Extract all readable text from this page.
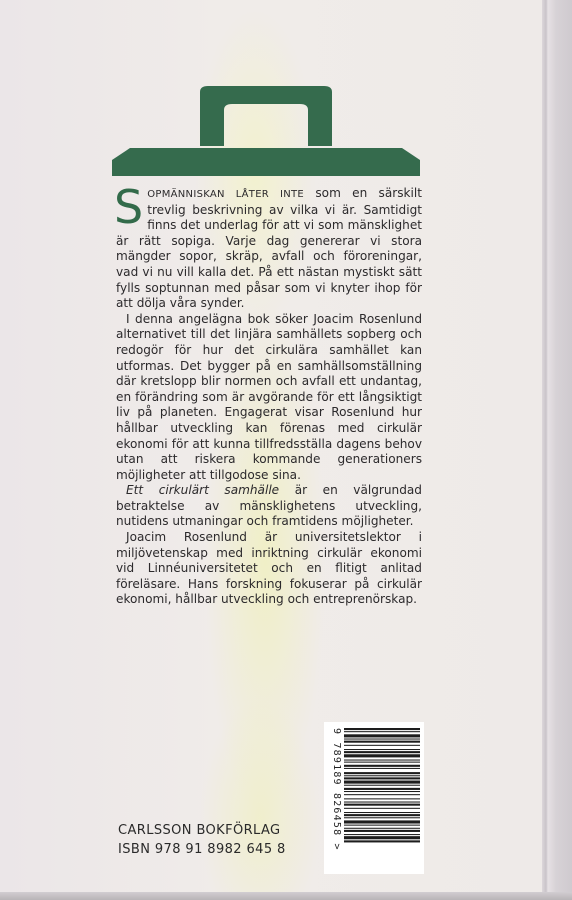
SOPMÄNNISKAN LÅTER INTE som en särskilt trevlig beskrivning av vilka vi är. Samtidigt finns det underlag för att vi som mänsklighet är rätt sopiga. Varje dag genererar vi stora mängder sopor, skräp, avfall och föroreningar, vad vi nu vill kalla det. På ett nästan mystiskt sätt fylls soptunnan med påsar som vi knyter ihop för att dölja våra synder.

I denna angelägna bok söker Joacim Rosenlund alternativet till det linjära samhällets sopberg och redogör för hur det cirkulära samhället kan utformas. Det bygger på en samhällsomställning där kretslopp blir normen och avfall ett undantag, en förändring som är avgörande för ett långsiktigt liv på planeten. Engagerat visar Rosenlund hur hållbar utveckling kan förenas med cirkulär ekonomi för att kunna tillfredsställa dagens behov utan att riskera kommande generationers möjligheter att tillgodose sina.

Ett cirkulärt samhälle är en välgrundad betraktelse av mänsklighetens utveckling, nutidens utmaningar och framtidens möjligheter.

Joacim Rosenlund är universitetslektor i miljövetenskap med inriktning cirkulär ekonomi vid Linnéuniversitetet och en flitigt anlitad föreläsare. Hans forskning fokuserar på cirkulär ekonomi, hållbar utveckling och entreprenörskap.

CARLSSON BOKFÖRLAG
ISBN 978 91 8982 645 8	9 789189 826458 >
